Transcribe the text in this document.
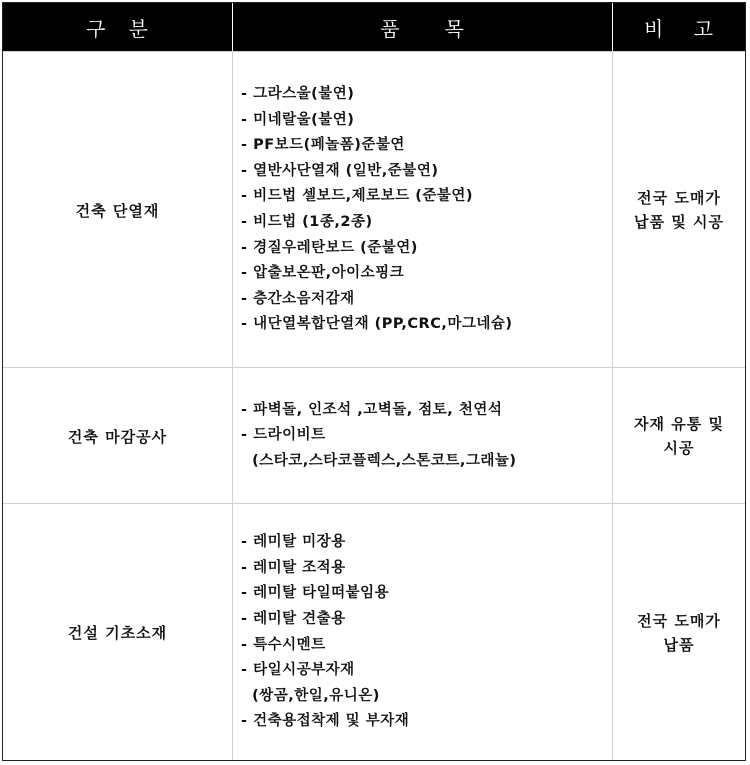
구   분	품      목	비    고
건축 단열재
- 그라스울(불연)
- 미네랄울(불연)
- PF보드(페놀폼)준불연
- 열반사단열재 (일반,준불연)
- 비드법 셀보드,제로보드 (준불연)
- 비드법 (1종,2종)
- 경질우레탄보드 (준불연)
- 압출보온판,아이소핑크
- 층간소음저감재
- 내단열복합단열재 (PP,CRC,마그네슘)
전국 도매가
납품 및 시공
건축 마감공사
- 파벽돌, 인조석 ,고벽돌, 점토, 천연석
- 드라이비트
(스타코,스타코플렉스,스톤코트,그래뉼)
자재 유통 및
시공
건설 기초소재
- 레미탈 미장용
- 레미탈 조적용
- 레미탈 타일떠붙임용
- 레미탈 견출용
- 특수시멘트
- 타일시공부자재
(쌍곰,한일,유니온)
- 건축용접착제 및 부자재
전국 도매가
납품
